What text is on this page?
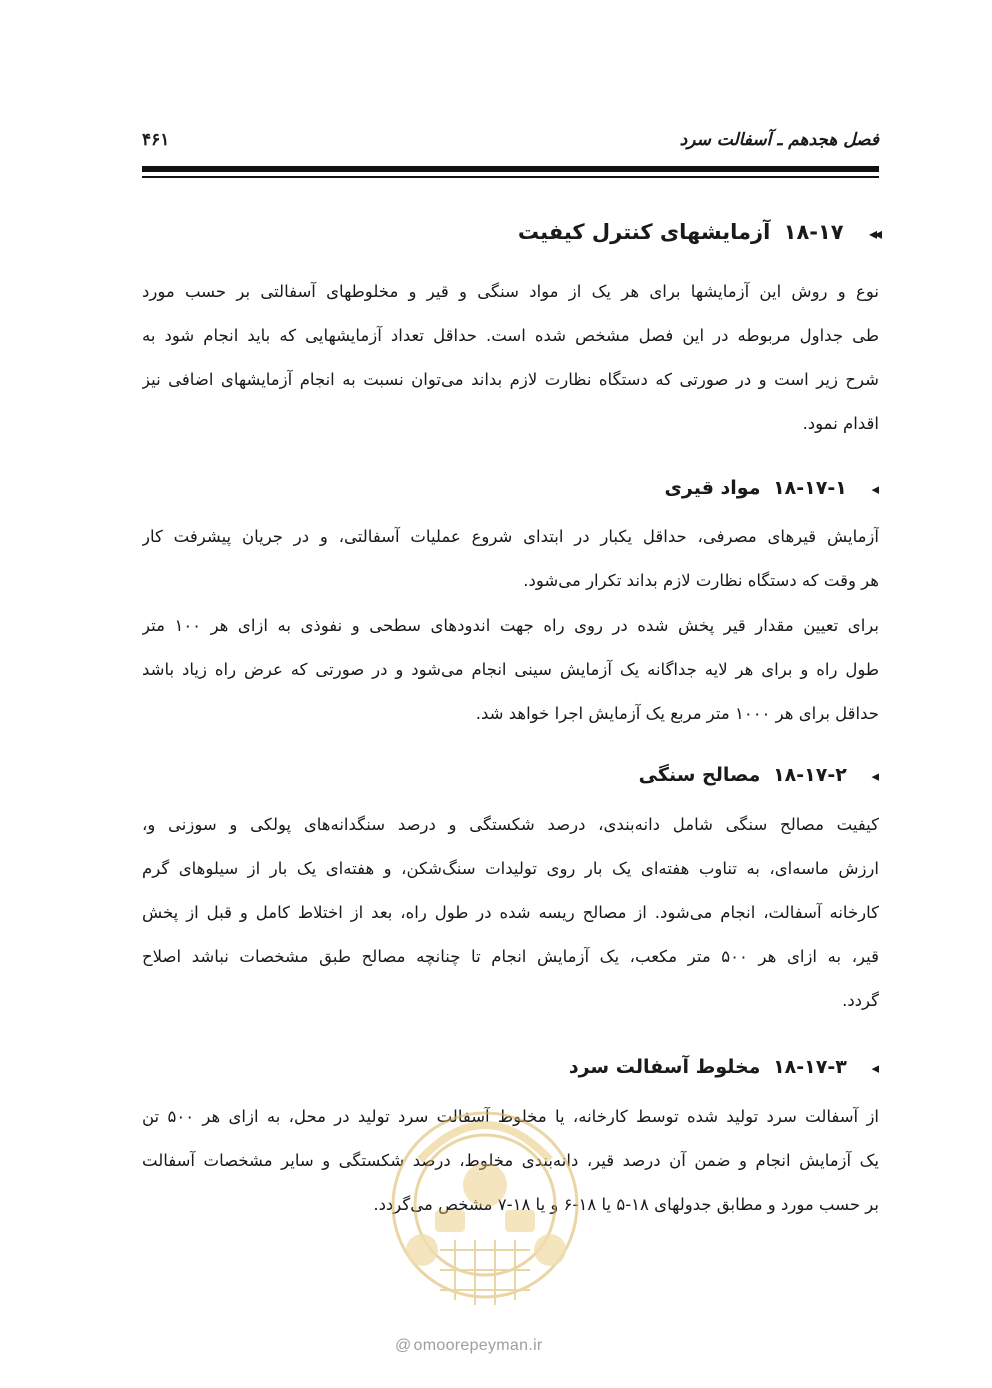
فصل هجدهم ـ آسفالت سرد
۴۶۱
◂◂ ۱۸-۱۷ آزمایشهای کنترل کیفیت
نوع و روش این آزمایشها برای هر یک از مواد سنگی و قیر و مخلوطهای آسفالتی بر حسب مورد
طی جداول مربوطه در این فصل مشخص شده است. حداقل تعداد آزمایشهایی که باید انجام شود به
شرح زیر است و در صورتی که دستگاه نظارت لازم بداند می‌توان نسبت به انجام آزمایشهای اضافی نیز
اقدام نمود.
◂ ۱۸-۱۷-۱ مواد قیری
آزمایش قیرهای مصرفی، حداقل یکبار در ابتدای شروع عملیات آسفالتی، و در جریان پیشرفت کار
هر وقت که دستگاه نظارت لازم بداند تکرار می‌شود.
برای تعیین مقدار قیر پخش شده در روی راه جهت اندودهای سطحی و نفوذی به ازای هر ۱۰۰ متر
طول راه و برای هر لایه جداگانه یک آزمایش سینی انجام می‌شود و در صورتی که عرض راه زیاد باشد
حداقل برای هر ۱۰۰۰ متر مربع یک آزمایش اجرا خواهد شد.
◂ ۱۸-۱۷-۲ مصالح سنگی
کیفیت مصالح سنگی شامل دانه‌بندی، درصد شکستگی و درصد سنگدانه‌های پولکی و سوزنی و،
ارزش ماسه‌ای، به تناوب هفته‌ای یک بار روی تولیدات سنگ‌شکن، و هفته‌ای یک بار از سیلوهای گرم
کارخانه آسفالت، انجام می‌شود. از مصالح ریسه شده در طول راه، بعد از اختلاط کامل و قبل از پخش
قیر، به ازای هر ۵۰۰ متر مکعب، یک آزمایش انجام تا چنانچه مصالح طبق مشخصات نباشد اصلاح
گردد.
◂ ۱۸-۱۷-۳ مخلوط آسفالت سرد
از آسفالت سرد تولید شده توسط کارخانه، یا مخلوط آسفالت سرد تولید در محل، به ازای هر ۵۰۰ تن
یک آزمایش انجام و ضمن آن درصد قیر، دانه‌بندی مخلوط، درصد شکستگی و سایر مشخصات آسفالت
بر حسب مورد و مطابق جدولهای ۱۸-۵ یا ۱۸-۶ و یا ۱۸-۷ مشخص می‌گردد.
@ omoorepeyman.ir
